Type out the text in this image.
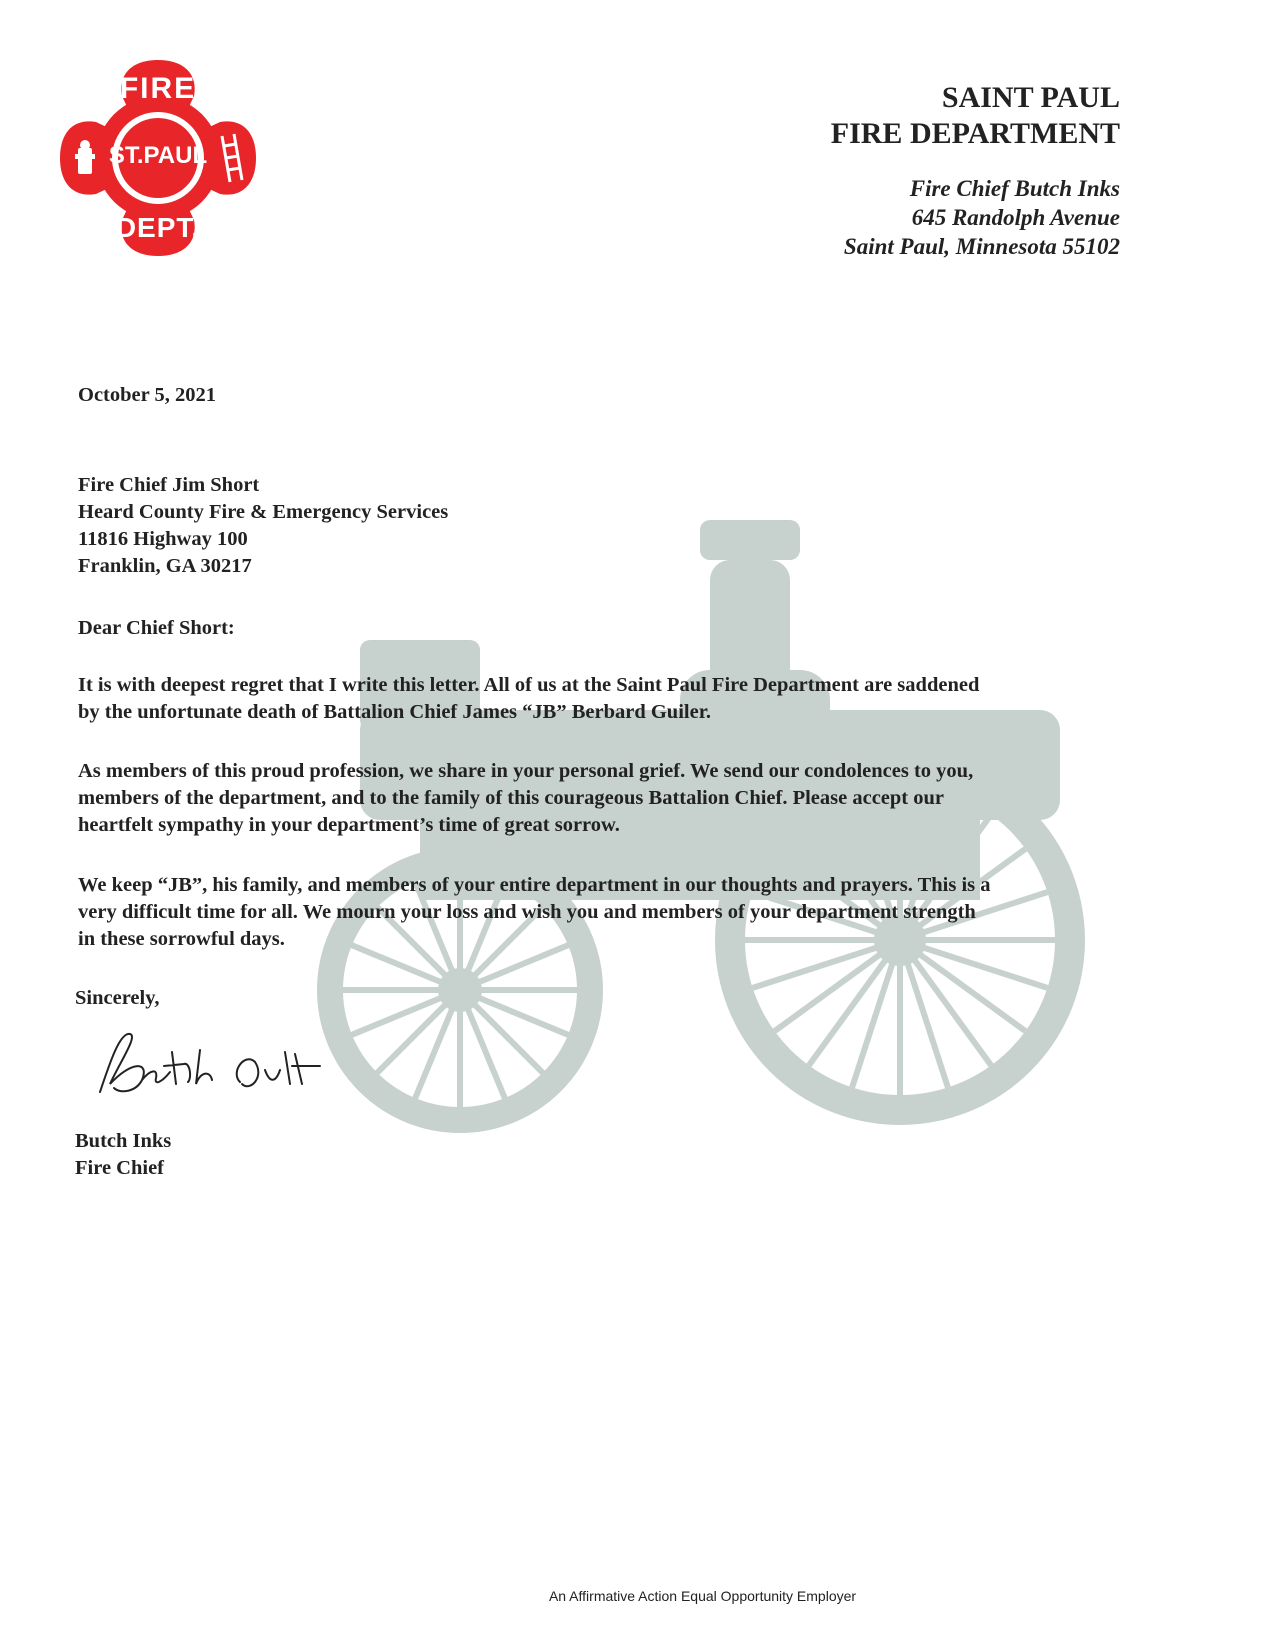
FIRE
ST.PAUL
DEPT.
SAINT PAUL
FIRE DEPARTMENT
Fire Chief Butch Inks
645 Randolph Avenue
Saint Paul, Minnesota 55102
October 5, 2021
Fire Chief Jim Short
Heard County Fire & Emergency Services
11816 Highway 100
Franklin, GA 30217
Dear Chief Short:
It is with deepest regret that I write this letter. All of us at the Saint Paul Fire Department are saddened
by the unfortunate death of Battalion Chief James “JB” Berbard Guiler.
As members of this proud profession, we share in your personal grief. We send our condolences to you,
members of the department, and to the family of this courageous Battalion Chief. Please accept our
heartfelt sympathy in your department’s time of great sorrow.
We keep “JB”, his family, and members of your entire department in our thoughts and prayers. This is a
very difficult time for all. We mourn your loss and wish you and members of your department strength
in these sorrowful days.
Sincerely,
Butch Inks
Fire Chief
An Affirmative Action Equal Opportunity Employer
